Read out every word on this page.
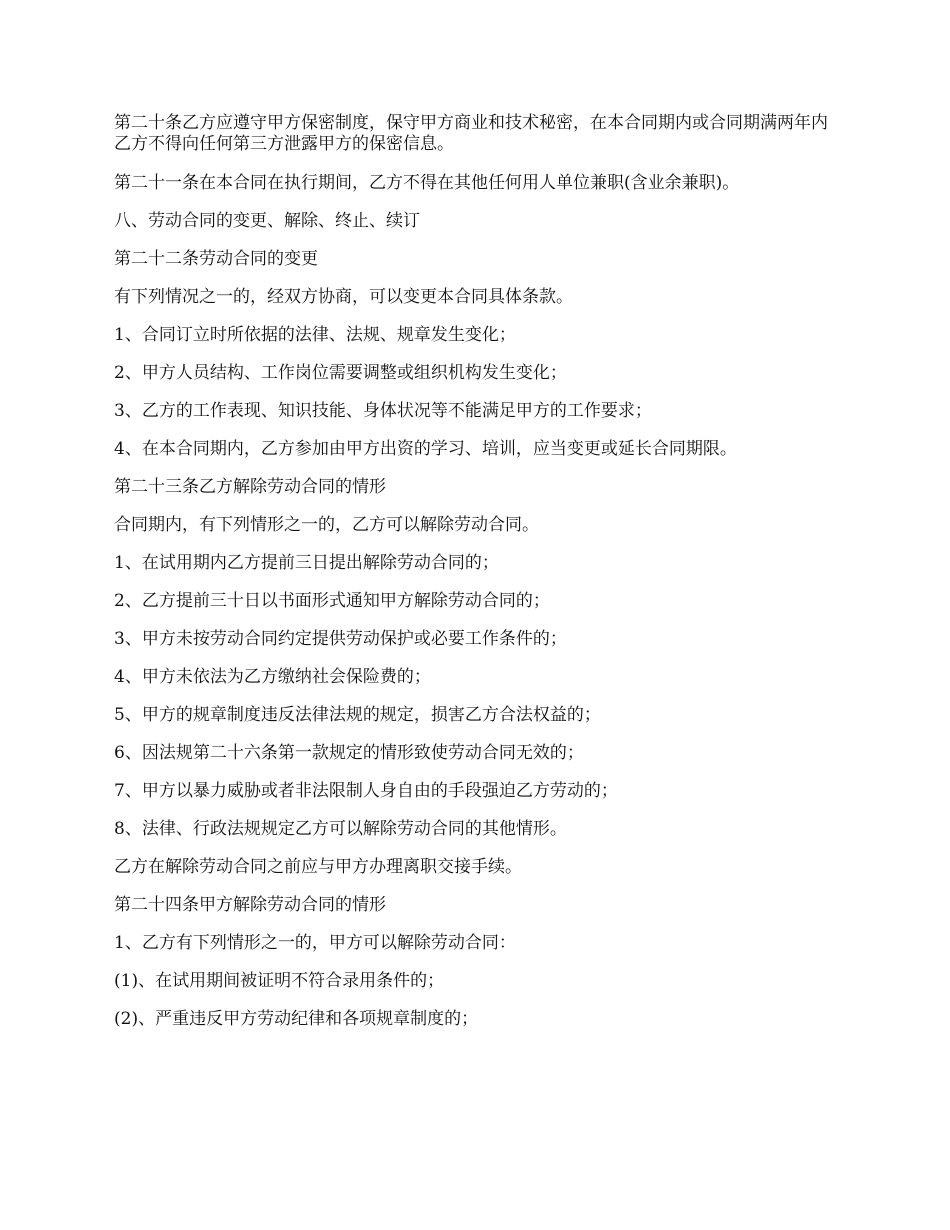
第二十条乙方应遵守甲方保密制度，保守甲方商业和技术秘密，在本合同期内或合同期满两年内乙方不得向任何第三方泄露甲方的保密信息。

第二十一条在本合同在执行期间，乙方不得在其他任何用人单位兼职(含业余兼职)。

八、劳动合同的变更、解除、终止、续订

第二十二条劳动合同的变更

有下列情况之一的，经双方协商，可以变更本合同具体条款。

1、合同订立时所依据的法律、法规、规章发生变化；

2、甲方人员结构、工作岗位需要调整或组织机构发生变化；

3、乙方的工作表现、知识技能、身体状况等不能满足甲方的工作要求；

4、在本合同期内，乙方参加由甲方出资的学习、培训，应当变更或延长合同期限。

第二十三条乙方解除劳动合同的情形

合同期内，有下列情形之一的，乙方可以解除劳动合同。

1、在试用期内乙方提前三日提出解除劳动合同的；

2、乙方提前三十日以书面形式通知甲方解除劳动合同的；

3、甲方未按劳动合同约定提供劳动保护或必要工作条件的；

4、甲方未依法为乙方缴纳社会保险费的；

5、甲方的规章制度违反法律法规的规定，损害乙方合法权益的；

6、因法规第二十六条第一款规定的情形致使劳动合同无效的；

7、甲方以暴力威胁或者非法限制人身自由的手段强迫乙方劳动的；

8、法律、行政法规规定乙方可以解除劳动合同的其他情形。

乙方在解除劳动合同之前应与甲方办理离职交接手续。

第二十四条甲方解除劳动合同的情形

1、乙方有下列情形之一的，甲方可以解除劳动合同：

(1)、在试用期间被证明不符合录用条件的；

(2)、严重违反甲方劳动纪律和各项规章制度的；
